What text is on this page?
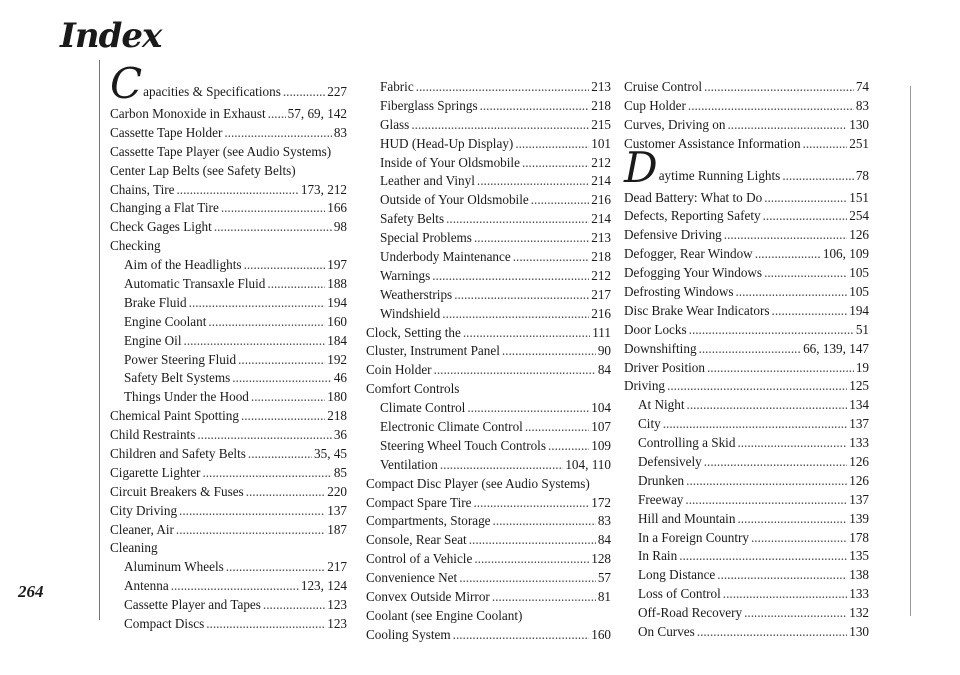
Index
264
Capacities & Specifications .....	227
Carbon Monoxide in Exhaust ..... 57, 69, 142
Cassette Tape Holder .....	83
Cassette Tape Player (see Audio Systems)
Center Lap Belts (see Safety Belts)
Chains, Tire .....	173, 212
Changing a Flat Tire .....	166
Check Gages Light .....	98
Checking
Aim of the Headlights .....	197
Automatic Transaxle Fluid .....	188
Brake Fluid .....	194
Engine Coolant .....	160
Engine Oil .....	184
Power Steering Fluid .....	192
Safety Belt Systems .....	46
Things Under the Hood .....	180
Chemical Paint Spotting .....	218
Child Restraints .....	36
Children and Safety Belts .....	35, 45
Cigarette Lighter .....	85
Circuit Breakers & Fuses .....	220
City Driving .....	137
Cleaner, Air .....	187
Cleaning
Aluminum Wheels .....	217
Antenna .....	123, 124
Cassette Player and Tapes .....	123
Compact Discs .....	123
Fabric .....	213
Fiberglass Springs .....	218
Glass .....	215
HUD (Head-Up Display) .....	101
Inside of Your Oldsmobile .....	212
Leather and Vinyl .....	214
Outside of Your Oldsmobile .....	216
Safety Belts .....	214
Special Problems .....	213
Underbody Maintenance .....	218
Warnings .....	212
Weatherstrips .....	217
Windshield .....	216
Clock, Setting the .....	111
Cluster, Instrument Panel .....	90
Coin Holder .....	84
Comfort Controls
Climate Control .....	104
Electronic Climate Control .....	107
Steering Wheel Touch Controls .....	109
Ventilation .....	104, 110
Compact Disc Player (see Audio Systems)
Compact Spare Tire .....	172
Compartments, Storage .....	83
Console, Rear Seat .....	84
Control of a Vehicle .....	128
Convenience Net .....	57
Convex Outside Mirror .....	81
Coolant (see Engine Coolant)
Cooling System .....	160
Cruise Control .....	74
Cup Holder .....	83
Curves, Driving on .....	130
Customer Assistance Information .....	251
Daytime Running Lights .....	78
Dead Battery: What to Do .....	151
Defects, Reporting Safety .....	254
Defensive Driving .....	126
Defogger, Rear Window .....	106, 109
Defogging Your Windows .....	105
Defrosting Windows .....	105
Disc Brake Wear Indicators .....	194
Door Locks .....	51
Downshifting .....	66, 139, 147
Driver Position .....	19
Driving .....	125
At Night .....	134
City .....	137
Controlling a Skid .....	133
Defensively .....	126
Drunken .....	126
Freeway .....	137
Hill and Mountain .....	139
In a Foreign Country .....	178
In Rain .....	135
Long Distance .....	138
Loss of Control .....	133
Off-Road Recovery .....	132
On Curves .....	130
